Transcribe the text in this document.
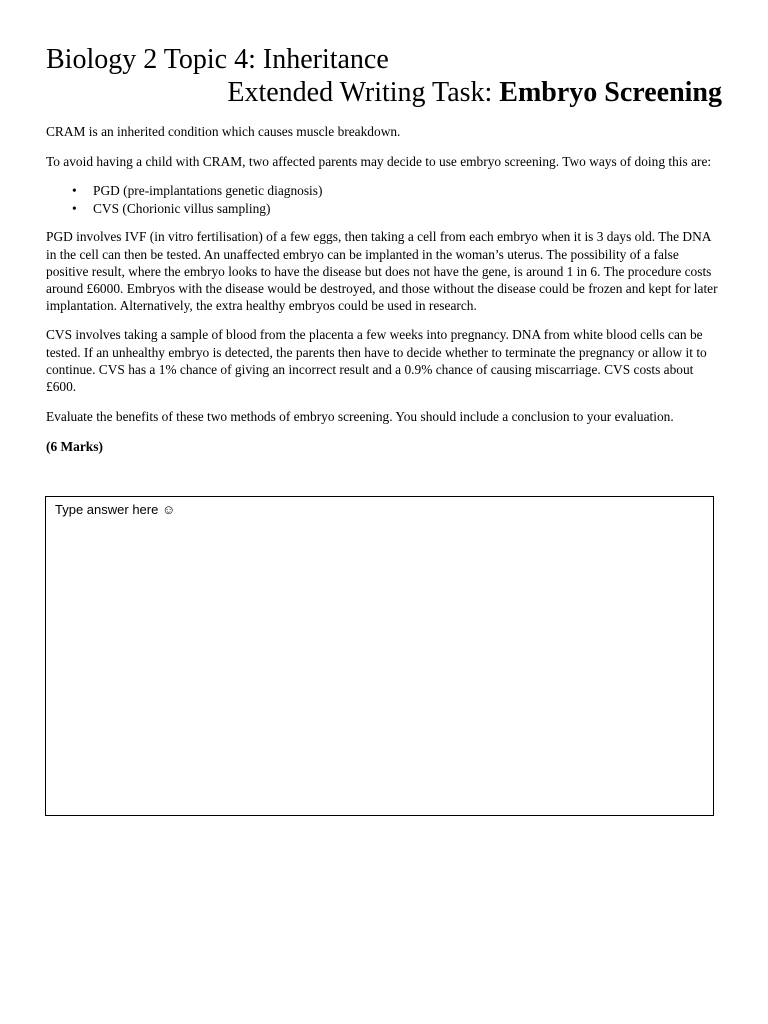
Biology 2 Topic 4: Inheritance
Extended Writing Task: Embryo Screening

CRAM is an inherited condition which causes muscle breakdown.

To avoid having a child with CRAM, two affected parents may decide to use embryo screening. Two ways of doing this are:

• PGD (pre-implantations genetic diagnosis)
• CVS (Chorionic villus sampling)

PGD involves IVF (in vitro fertilisation) of a few eggs, then taking a cell from each embryo when it is 3 days old. The DNA in the cell can then be tested. An unaffected embryo can be implanted in the woman’s uterus. The possibility of a false positive result, where the embryo looks to have the disease but does not have the gene, is around 1 in 6. The procedure costs around £6000. Embryos with the disease would be destroyed, and those without the disease could be frozen and kept for later implantation. Alternatively, the extra healthy embryos could be used in research.

CVS involves taking a sample of blood from the placenta a few weeks into pregnancy. DNA from white blood cells can be tested. If an unhealthy embryo is detected, the parents then have to decide whether to terminate the pregnancy or allow it to continue. CVS has a 1% chance of giving an incorrect result and a 0.9% chance of causing miscarriage. CVS costs about £600.

Evaluate the benefits of these two methods of embryo screening. You should include a conclusion to your evaluation.

(6 Marks)

Type answer here ☺
